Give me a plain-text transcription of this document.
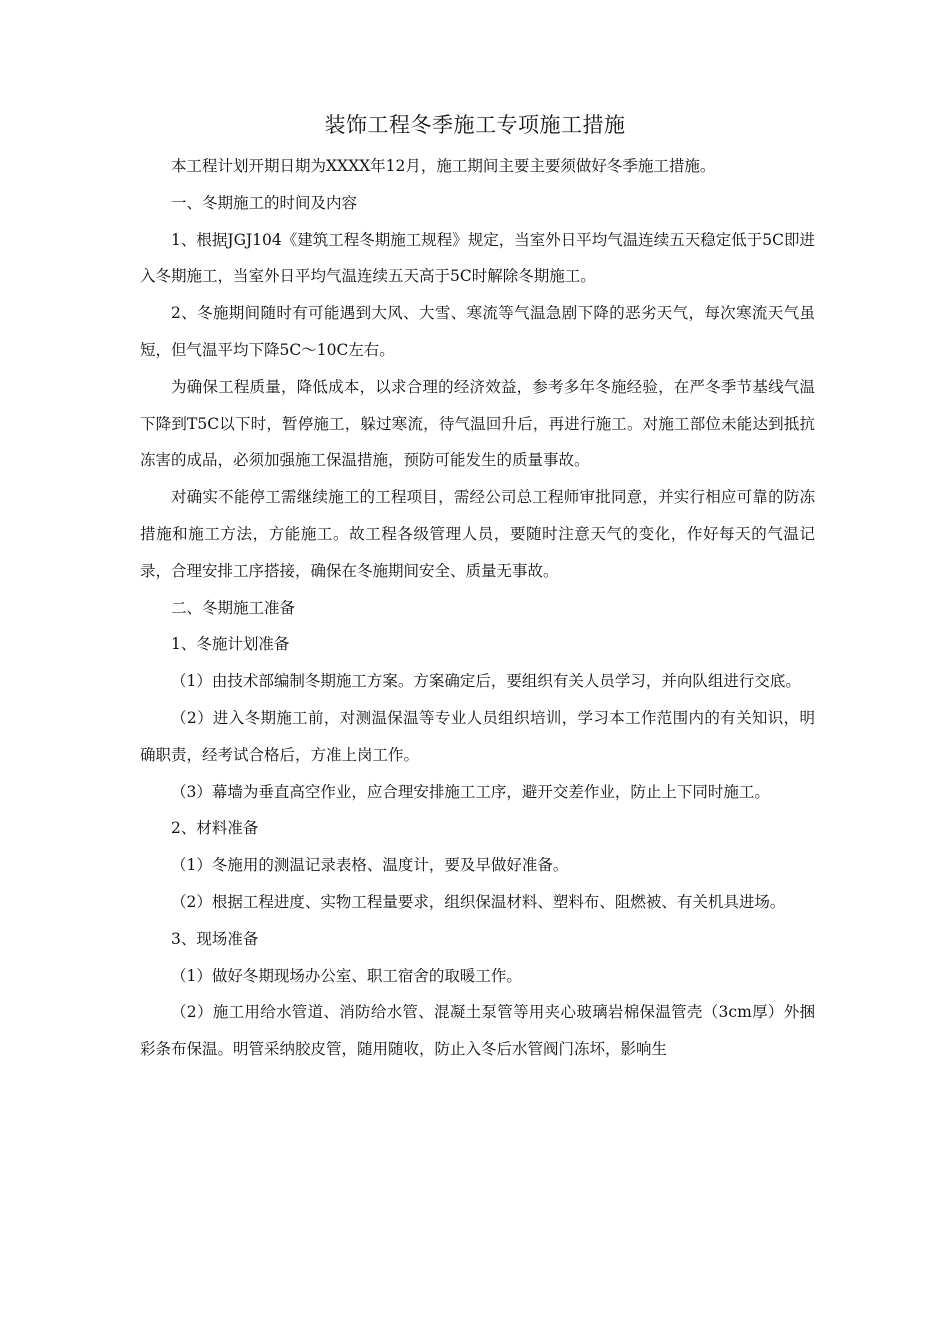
装饰工程冬季施工专项施工措施

本工程计划开期日期为XXXX年12月，施工期间主要主要须做好冬季施工措施。

一、冬期施工的时间及内容

1、根据JGJ104《建筑工程冬期施工规程》规定，当室外日平均气温连续五天稳定低于5C即进入冬期施工，当室外日平均气温连续五天高于5C时解除冬期施工。

2、冬施期间随时有可能遇到大风、大雪、寒流等气温急剧下降的恶劣天气，每次寒流天气虽短，但气温平均下降5C〜10C左右。

为确保工程质量，降低成本，以求合理的经济效益，参考多年冬施经验，在严冬季节基线气温下降到T5C以下时，暂停施工，躲过寒流，待气温回升后，再进行施工。对施工部位未能达到抵抗冻害的成品，必须加强施工保温措施，预防可能发生的质量事故。

对确实不能停工需继续施工的工程项目，需经公司总工程师审批同意，并实行相应可靠的防冻措施和施工方法，方能施工。故工程各级管理人员，要随时注意天气的变化，作好每天的气温记录，合理安排工序搭接，确保在冬施期间安全、质量无事故。

二、冬期施工准备

1、冬施计划准备

（1）由技术部编制冬期施工方案。方案确定后，要组织有关人员学习，并向队组进行交底。

（2）进入冬期施工前，对测温保温等专业人员组织培训，学习本工作范围内的有关知识，明确职责，经考试合格后，方准上岗工作。

（3）幕墙为垂直高空作业，应合理安排施工工序，避开交差作业，防止上下同时施工。

2、材料准备

（1）冬施用的测温记录表格、温度计，要及早做好准备。

（2）根据工程进度、实物工程量要求，组织保温材料、塑料布、阻燃被、有关机具进场。

3、现场准备

（1）做好冬期现场办公室、职工宿舍的取暖工作。

（2）施工用给水管道、消防给水管、混凝土泵管等用夹心玻璃岩棉保温管壳（3cm厚）外捆彩条布保温。明管采纳胶皮管，随用随收，防止入冬后水管阀门冻坏，影响生
